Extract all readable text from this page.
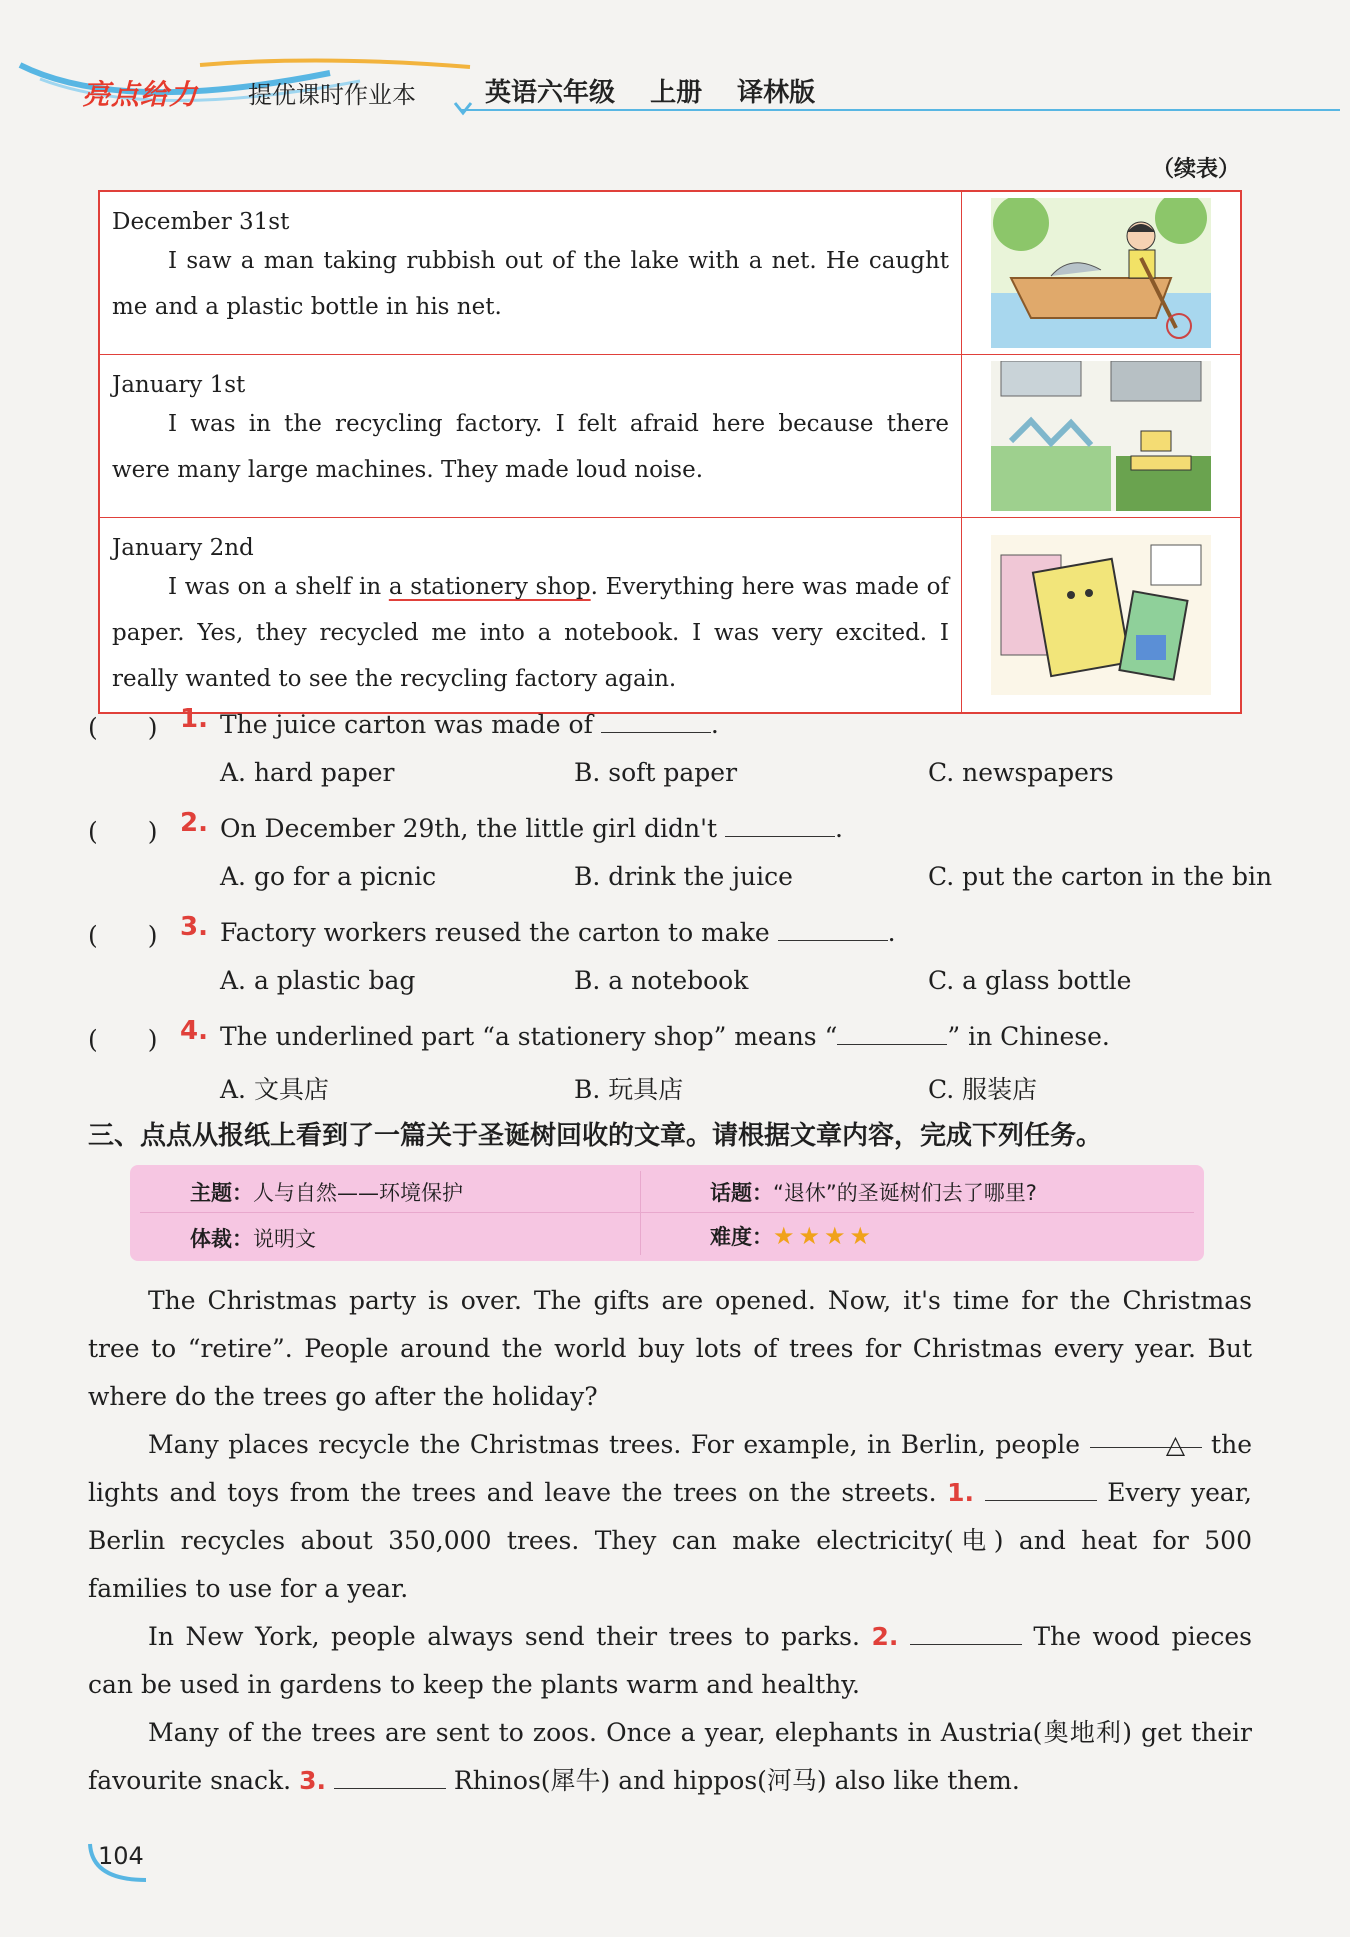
亮点给力 提优课时作业本	英语六年级 上册 译林版
（续表）
December 31st
I saw a man taking rubbish out of the lake with a net. He caught me and a plastic bottle in his net.
January 1st
I was in the recycling factory. I felt afraid here because there were many large machines. They made loud noise.
January 2nd
I was on a shelf in a stationery shop. Everything here was made of paper. Yes, they recycled me into a notebook. I was very excited. I really wanted to see the recycling factory again.
(　　) 1. The juice carton was made of	.
A. hard paper	B. soft paper	C. newspapers
(　　) 2. On December 29th, the little girl didn't	.
A. go for a picnic	B. drink the juice	C. put the carton in the bin
(　　) 3. Factory workers reused the carton to make	.
A. a plastic bag	B. a notebook	C. a glass bottle
(　　) 4. The underlined part “a stationery shop” means “	” in Chinese.
A. 文具店	B. 玩具店	C. 服装店
三、点点从报纸上看到了一篇关于圣诞树回收的文章。请根据文章内容，完成下列任务。
主题：人与自然——环境保护	话题：“退休”的圣诞树们去了哪里?
体裁：说明文	难度：★★★★

The Christmas party is over. The gifts are opened. Now, it's time for the Christmas tree to “retire”. People around the world buy lots of trees for Christmas every year. But where do the trees go after the holiday?

Many places recycle the Christmas trees. For example, in Berlin, people	△ the lights and toys from the trees and leave the trees on the streets. 1.	Every year, Berlin recycles about 350,000 trees. They can make electricity(电) and heat for 500 families to use for a year.

In New York, people always send their trees to parks. 2.	The wood pieces can be used in gardens to keep the plants warm and healthy.

Many of the trees are sent to zoos. Once a year, elephants in Austria(奥地利) get their favourite snack. 3.	Rhinos(犀牛) and hippos(河马) also like them.

104
